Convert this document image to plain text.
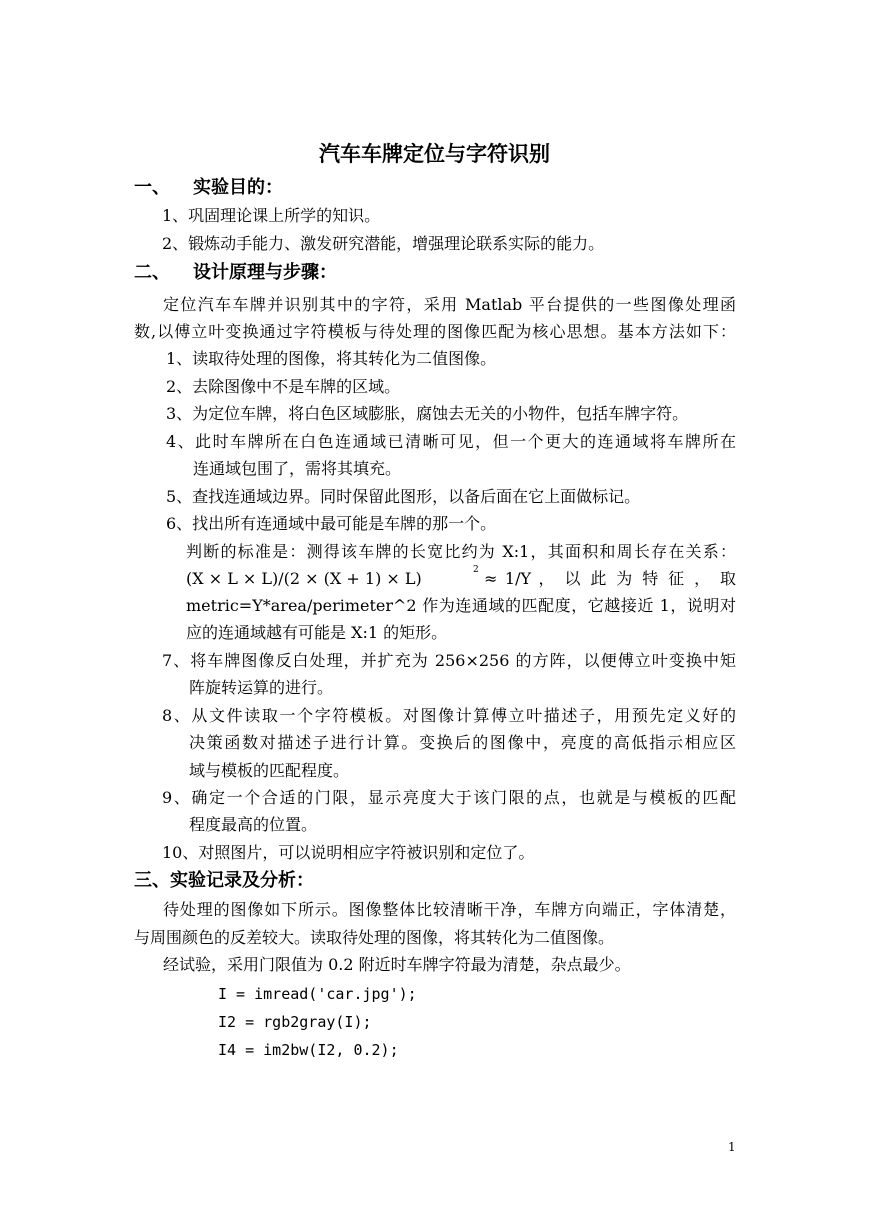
汽车车牌定位与字符识别
一、 实验目的：
1、巩固理论课上所学的知识。
2、锻炼动手能力、激发研究潜能，增强理论联系实际的能力。
二、 设计原理与步骤：
定位汽车车牌并识别其中的字符，采用 Matlab 平台提供的一些图像处理函
数,以傅立叶变换通过字符模板与待处理的图像匹配为核心思想。基本方法如下：
1、读取待处理的图像，将其转化为二值图像。
2、去除图像中不是车牌的区域。
3、为定位车牌，将白色区域膨胀，腐蚀去无关的小物件，包括车牌字符。
4、此时车牌所在白色连通域已清晰可见，但一个更大的连通域将车牌所在
连通域包围了，需将其填充。
5、查找连通域边界。同时保留此图形，以备后面在它上面做标记。
6、找出所有连通域中最可能是车牌的那一个。
判断的标准是：测得该车牌的长宽比约为 X:1，其面积和周长存在关系：
(X × L × L)/(2 × (X + 1) × L)	2 ≈ 1/Y ， 以 此 为 特 征 ， 取
metric=Y*area/perimeter^2 作为连通域的匹配度，它越接近 1，说明对
应的连通域越有可能是 X:1 的矩形。
7、将车牌图像反白处理，并扩充为 256×256 的方阵，以便傅立叶变换中矩
阵旋转运算的进行。
8、从文件读取一个字符模板。对图像计算傅立叶描述子，用预先定义好的
决策函数对描述子进行计算。变换后的图像中，亮度的高低指示相应区
域与模板的匹配程度。
9、确定一个合适的门限，显示亮度大于该门限的点，也就是与模板的匹配
程度最高的位置。
10、对照图片，可以说明相应字符被识别和定位了。
三、实验记录及分析：
待处理的图像如下所示。图像整体比较清晰干净，车牌方向端正，字体清楚，
与周围颜色的反差较大。读取待处理的图像，将其转化为二值图像。
经试验，采用门限值为 0.2 附近时车牌字符最为清楚，杂点最少。
I = imread('car.jpg');
I2 = rgb2gray(I);
I4 = im2bw(I2, 0.2);
1
